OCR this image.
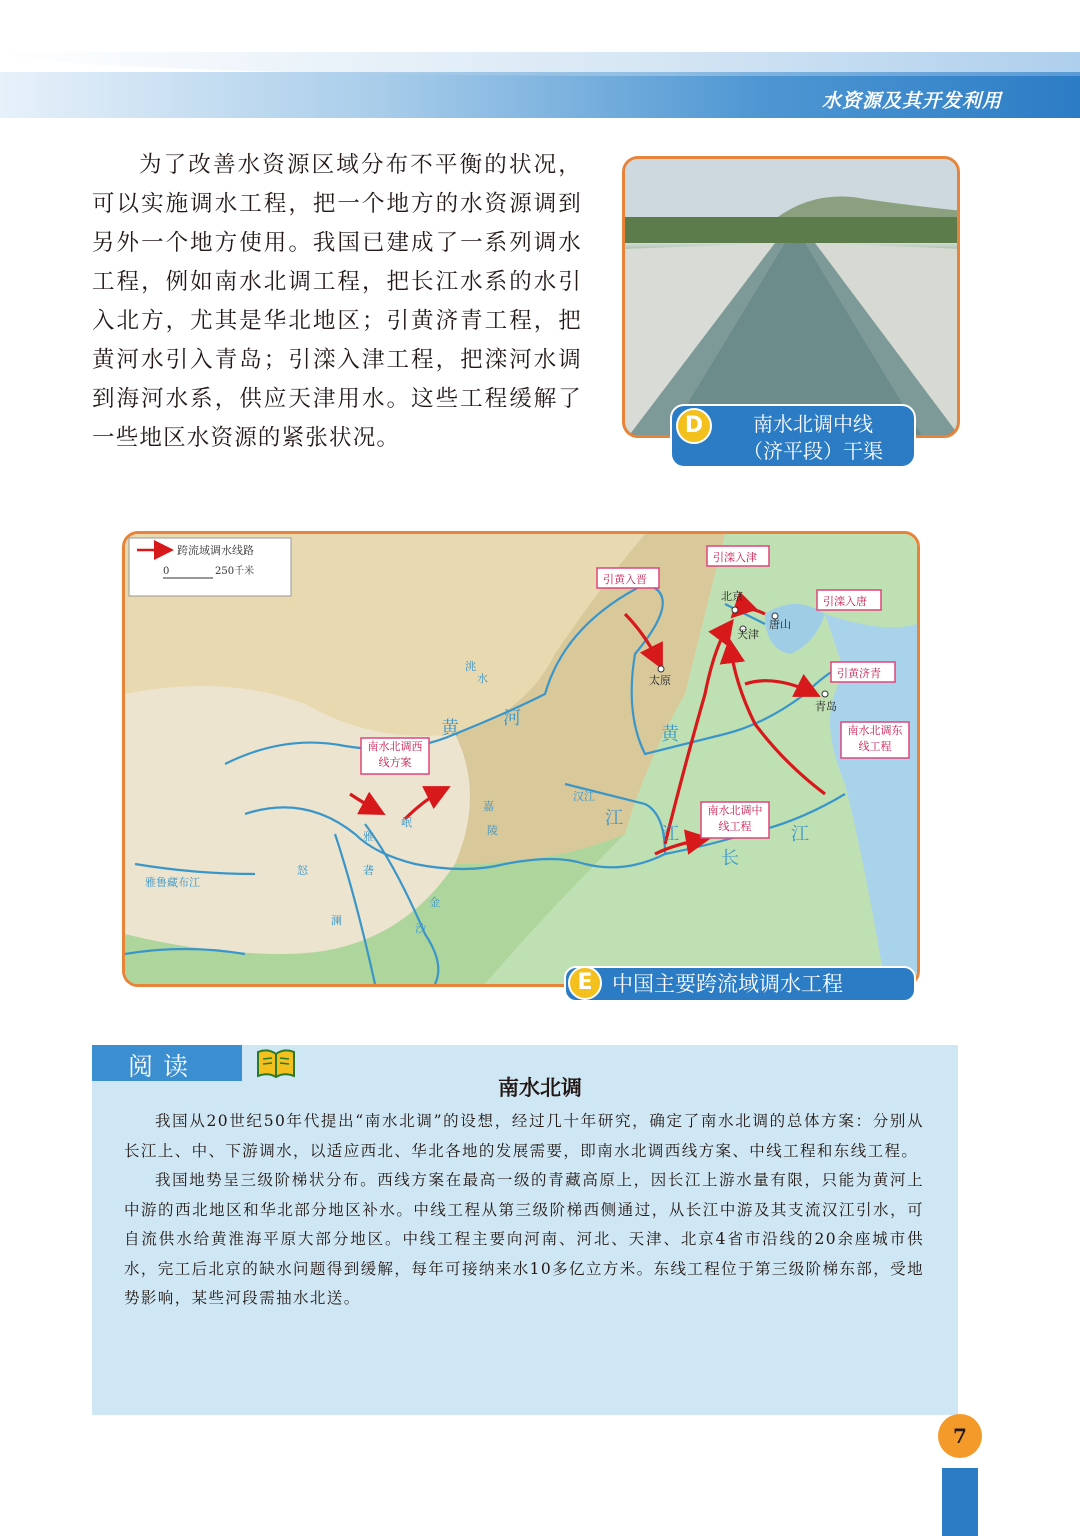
水资源及其开发利用
为了改善水资源区域分布不平衡的状况，可以实施调水工程，把一个地方的水资源调到另外一个地方使用。我国已建成了一系列调水工程，例如南水北调工程，把长江水系的水引入北方，尤其是华北地区；引黄济青工程，把黄河水引入青岛；引滦入津工程，把滦河水调到海河水系，供应天津用水。这些工程缓解了一些地区水资源的紧张状况。	D	南水北调中线
（济平段）干渠
跨流域调水线路
0	250千米
北京
天津
唐山
太原
青岛
黄 河
黄
江
江
长
江
洮
水
汉江
雅
砻
岷
嘉
陵
金
沙
澜
怒
雅鲁藏布江
引滦入津
引黄入晋
引滦入唐
引黄济青
南水北调东线工程
南水北调中线工程
南水北调西线方案
E 中国主要跨流域调水工程
阅读
南水北调

我国从20世纪50年代提出“南水北调”的设想，经过几十年研究，确定了南水北调的总体方案：分别从长江上、中、下游调水，以适应西北、华北各地的发展需要，即南水北调西线方案、中线工程和东线工程。

我国地势呈三级阶梯状分布。西线方案在最高一级的青藏高原上，因长江上游水量有限，只能为黄河上中游的西北地区和华北部分地区补水。中线工程从第三级阶梯西侧通过，从长江中游及其支流汉江引水，可自流供水给黄淮海平原大部分地区。中线工程主要向河南、河北、天津、北京4省市沿线的20余座城市供水，完工后北京的缺水问题得到缓解，每年可接纳来水10多亿立方米。东线工程位于第三级阶梯东部，受地势影响，某些河段需抽水北送。

7
